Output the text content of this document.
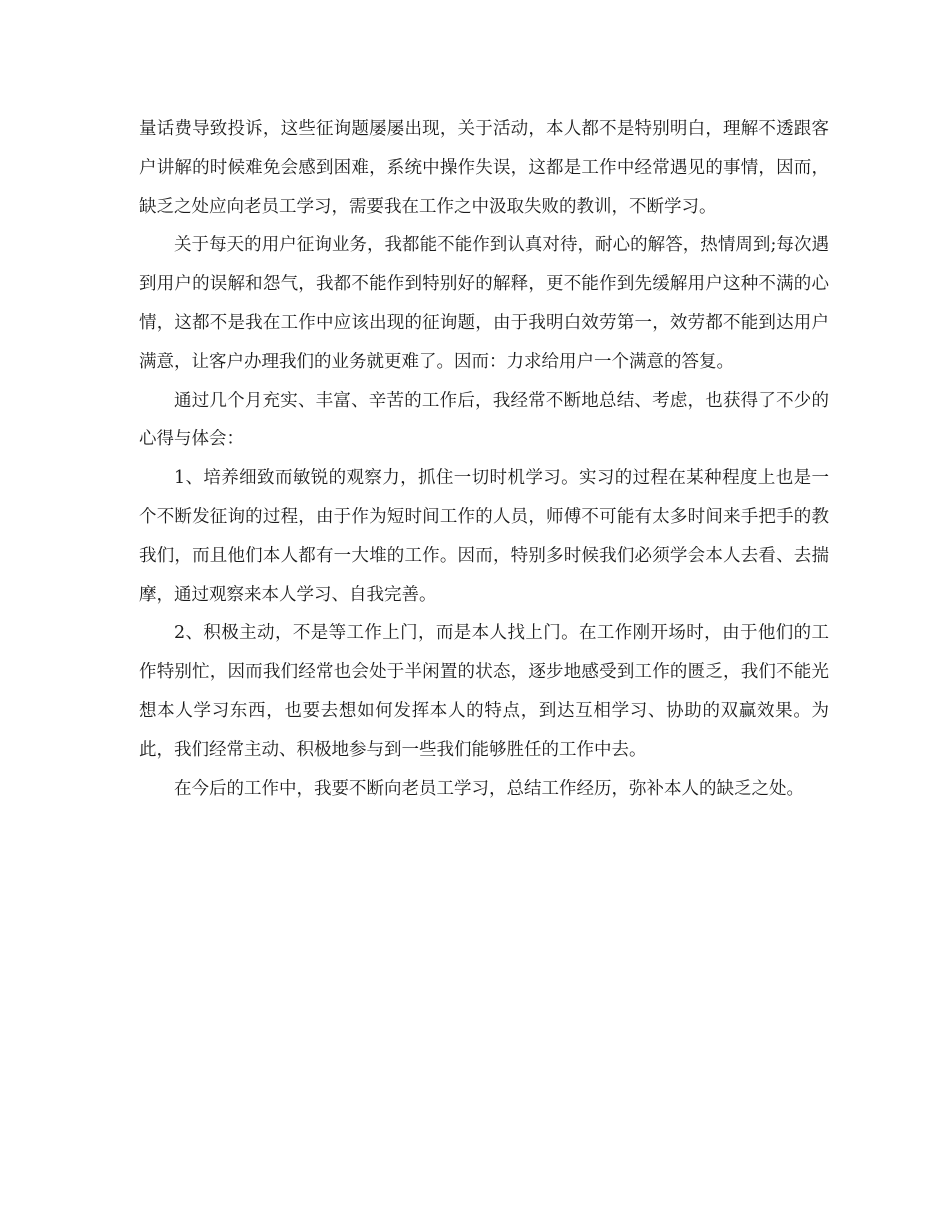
量话费导致投诉，这些征询题屡屡出现，关于活动，本人都不是特别明白，理解不透跟客户讲解的时候难免会感到困难，系统中操作失误，这都是工作中经常遇见的事情，因而，缺乏之处应向老员工学习，需要我在工作之中汲取失败的教训，不断学习。

关于每天的用户征询业务，我都能不能作到认真对待，耐心的解答，热情周到;每次遇到用户的误解和怨气，我都不能作到特别好的解释，更不能作到先缓解用户这种不满的心情，这都不是我在工作中应该出现的征询题，由于我明白效劳第一，效劳都不能到达用户满意，让客户办理我们的业务就更难了。因而：力求给用户一个满意的答复。

通过几个月充实、丰富、辛苦的工作后，我经常不断地总结、考虑，也获得了不少的心得与体会：

1、培养细致而敏锐的观察力，抓住一切时机学习。实习的过程在某种程度上也是一个不断发征询的过程，由于作为短时间工作的人员，师傅不可能有太多时间来手把手的教我们，而且他们本人都有一大堆的工作。因而，特别多时候我们必须学会本人去看、去揣摩，通过观察来本人学习、自我完善。

2、积极主动，不是等工作上门，而是本人找上门。在工作刚开场时，由于他们的工作特别忙，因而我们经常也会处于半闲置的状态，逐步地感受到工作的匮乏，我们不能光想本人学习东西，也要去想如何发挥本人的特点，到达互相学习、协助的双赢效果。为此，我们经常主动、积极地参与到一些我们能够胜任的工作中去。

在今后的工作中，我要不断向老员工学习，总结工作经历，弥补本人的缺乏之处。
